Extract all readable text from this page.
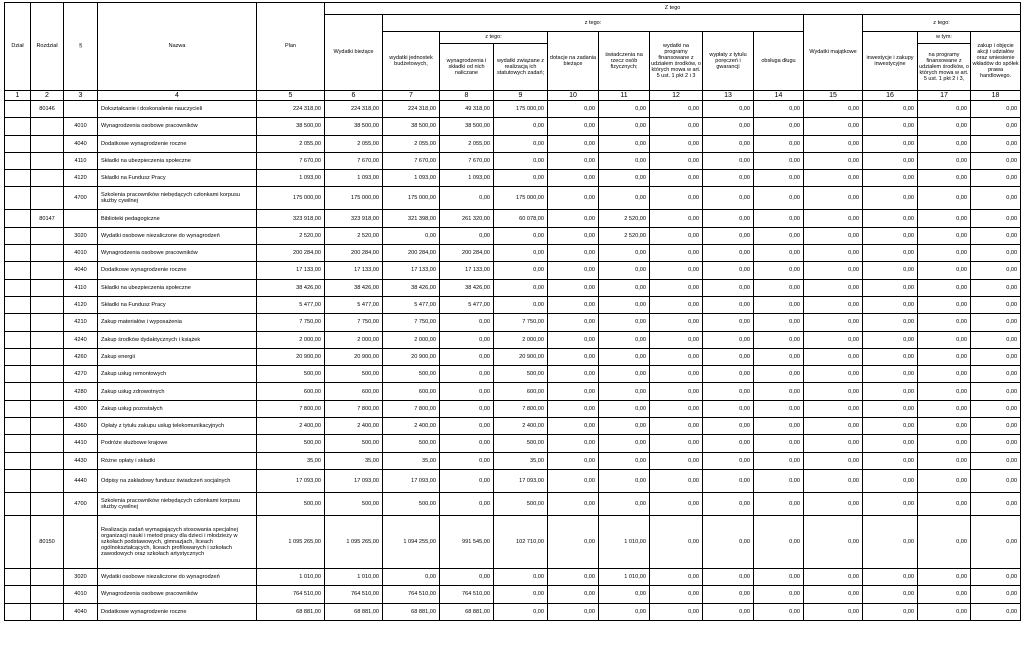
Dział	Rozdział	§	Nazwa	Plan	Z tego												
					Wydatki bieżące	z tego:								Wydatki majątkowe	z tego:		
						wydatki jednostek budżetowych,	z tego:		dotacje na zadania bieżące	świadczenia na rzecz osób fizycznych;	wydatki na programy finansowane z udziałem środków, o których mowa w art. 5 ust. 1 pkt 2 i 3	wypłaty z tytułu poręczeń i gwarancji	obsługa długu		inwestycje i zakupy inwestycyjne	w tym:	zakup i objęcie akcji i udziałów oraz wniesienie wkładów do spółek prawa handlowego.
							wynagrodzenia i składki od nich naliczane	wydatki związane z realizacją ich statutowych zadań;								na programy finansowane z udziałem środków, o których mowa w art. 5 ust. 1 pkt 2 i 3,	
1	2	3	4	5	6	7	8	9	10	11	12	13	14	15	16	17	18
	80146		Dokształcanie i doskonalenie nauczycieli	224 318,00	224 318,00	224 318,00	49 318,00	175 000,00	0,00	0,00	0,00	0,00	0,00	0,00	0,00	0,00	0,00
		4010	Wynagrodzenia osobowe pracowników	38 500,00	38 500,00	38 500,00	38 500,00	0,00	0,00	0,00	0,00	0,00	0,00	0,00	0,00	0,00	0,00
		4040	Dodatkowe wynagrodzenie roczne	2 055,00	2 055,00	2 055,00	2 055,00	0,00	0,00	0,00	0,00	0,00	0,00	0,00	0,00	0,00	0,00
		4110	Składki na ubezpieczenia społeczne	7 670,00	7 670,00	7 670,00	7 670,00	0,00	0,00	0,00	0,00	0,00	0,00	0,00	0,00	0,00	0,00
		4120	Składki na Fundusz Pracy	1 093,00	1 093,00	1 093,00	1 093,00	0,00	0,00	0,00	0,00	0,00	0,00	0,00	0,00	0,00	0,00
		4700	Szkolenia pracowników niebędących członkami korpusu służby cywilnej	175 000,00	175 000,00	175 000,00	0,00	175 000,00	0,00	0,00	0,00	0,00	0,00	0,00	0,00	0,00	0,00
	80147		Biblioteki pedagogiczne	323 918,00	323 918,00	321 398,00	261 320,00	60 078,00	0,00	2 520,00	0,00	0,00	0,00	0,00	0,00	0,00	0,00
		3020	Wydatki osobowe niezaliczone do wynagrodzeń	2 520,00	2 520,00	0,00	0,00	0,00	0,00	2 520,00	0,00	0,00	0,00	0,00	0,00	0,00	0,00
		4010	Wynagrodzenia osobowe pracowników	200 284,00	200 284,00	200 284,00	200 284,00	0,00	0,00	0,00	0,00	0,00	0,00	0,00	0,00	0,00	0,00
		4040	Dodatkowe wynagrodzenie roczne	17 133,00	17 133,00	17 133,00	17 133,00	0,00	0,00	0,00	0,00	0,00	0,00	0,00	0,00	0,00	0,00
		4110	Składki na ubezpieczenia społeczne	38 426,00	38 426,00	38 426,00	38 426,00	0,00	0,00	0,00	0,00	0,00	0,00	0,00	0,00	0,00	0,00
		4120	Składki na Fundusz Pracy	5 477,00	5 477,00	5 477,00	5 477,00	0,00	0,00	0,00	0,00	0,00	0,00	0,00	0,00	0,00	0,00
		4210	Zakup materiałów i wyposażenia	7 750,00	7 750,00	7 750,00	0,00	7 750,00	0,00	0,00	0,00	0,00	0,00	0,00	0,00	0,00	0,00
		4240	Zakup środków dydaktycznych i książek	2 000,00	2 000,00	2 000,00	0,00	2 000,00	0,00	0,00	0,00	0,00	0,00	0,00	0,00	0,00	0,00
		4260	Zakup energii	20 900,00	20 900,00	20 900,00	0,00	20 900,00	0,00	0,00	0,00	0,00	0,00	0,00	0,00	0,00	0,00
		4270	Zakup usług remontowych	500,00	500,00	500,00	0,00	500,00	0,00	0,00	0,00	0,00	0,00	0,00	0,00	0,00	0,00
		4280	Zakup usług zdrowotnych	600,00	600,00	600,00	0,00	600,00	0,00	0,00	0,00	0,00	0,00	0,00	0,00	0,00	0,00
		4300	Zakup usług pozostałych	7 800,00	7 800,00	7 800,00	0,00	7 800,00	0,00	0,00	0,00	0,00	0,00	0,00	0,00	0,00	0,00
		4360	Opłaty z tytułu zakupu usług telekomunikacyjnych	2 400,00	2 400,00	2 400,00	0,00	2 400,00	0,00	0,00	0,00	0,00	0,00	0,00	0,00	0,00	0,00
		4410	Podróże służbowe krajowe	500,00	500,00	500,00	0,00	500,00	0,00	0,00	0,00	0,00	0,00	0,00	0,00	0,00	0,00
		4430	Różne opłaty i składki	35,00	35,00	35,00	0,00	35,00	0,00	0,00	0,00	0,00	0,00	0,00	0,00	0,00	0,00
		4440	Odpisy na zakładowy fundusz świadczeń socjalnych	17 093,00	17 093,00	17 093,00	0,00	17 093,00	0,00	0,00	0,00	0,00	0,00	0,00	0,00	0,00	0,00
		4700	Szkolenia pracowników niebędących członkami korpusu służby cywilnej	500,00	500,00	500,00	0,00	500,00	0,00	0,00	0,00	0,00	0,00	0,00	0,00	0,00	0,00
	80150		Realizacja zadań wymagających stosowania specjalnej organizacji nauki i metod pracy dla dzieci i młodzieży w szkołach podstawowych, gimnazjach, liceach ogólnokształcących, liceach profilowanych i szkołach zawodowych oraz szkołach artystycznych	1 095 265,00	1 095 265,00	1 094 255,00	991 545,00	102 710,00	0,00	1 010,00	0,00	0,00	0,00	0,00	0,00	0,00	0,00
		3020	Wydatki osobowe niezaliczone do wynagrodzeń	1 010,00	1 010,00	0,00	0,00	0,00	0,00	1 010,00	0,00	0,00	0,00	0,00	0,00	0,00	0,00
		4010	Wynagrodzenia osobowe pracowników	764 510,00	764 510,00	764 510,00	764 510,00	0,00	0,00	0,00	0,00	0,00	0,00	0,00	0,00	0,00	0,00
		4040	Dodatkowe wynagrodzenie roczne	68 881,00	68 881,00	68 881,00	68 881,00	0,00	0,00	0,00	0,00	0,00	0,00	0,00	0,00	0,00	0,00
